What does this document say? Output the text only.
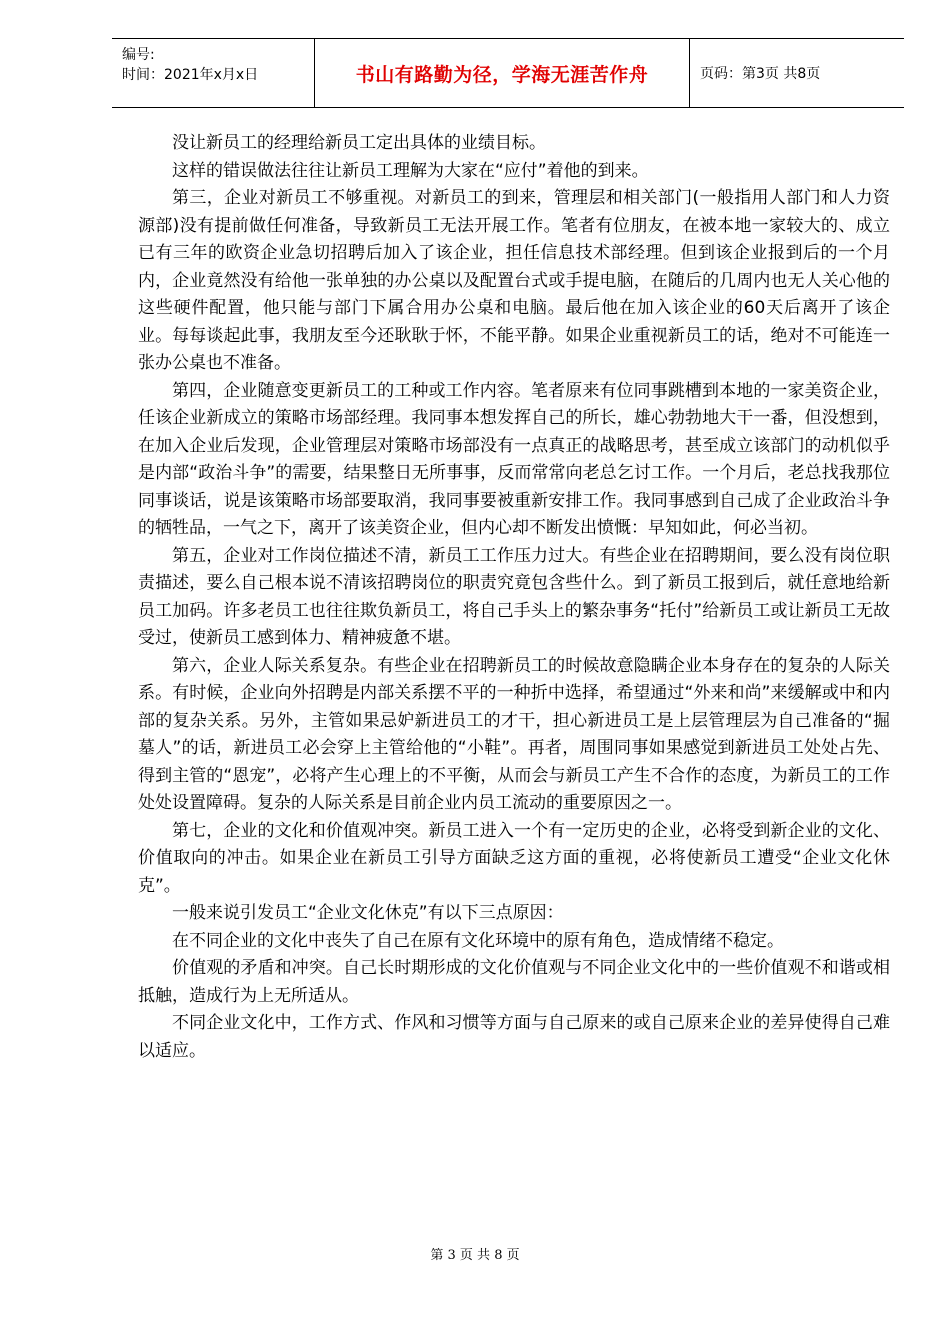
编号:
时间：2021年x月x日	书山有路勤为径，学海无涯苦作舟	页码：第3页 共8页

没让新员工的经理给新员工定出具体的业绩目标。

这样的错误做法往往让新员工理解为大家在“应付”着他的到来。

第三，企业对新员工不够重视。对新员工的到来，管理层和相关部门(一般指用人部门和人力资源部)没有提前做任何准备，导致新员工无法开展工作。笔者有位朋友，在被本地一家较大的、成立已有三年的欧资企业急切招聘后加入了该企业，担任信息技术部经理。但到该企业报到后的一个月内，企业竟然没有给他一张单独的办公桌以及配置台式或手提电脑，在随后的几周内也无人关心他的这些硬件配置，他只能与部门下属合用办公桌和电脑。最后他在加入该企业的60天后离开了该企业。每每谈起此事，我朋友至今还耿耿于怀，不能平静。如果企业重视新员工的话，绝对不可能连一张办公桌也不准备。

第四，企业随意变更新员工的工种或工作内容。笔者原来有位同事跳槽到本地的一家美资企业，任该企业新成立的策略市场部经理。我同事本想发挥自己的所长，雄心勃勃地大干一番，但没想到，在加入企业后发现，企业管理层对策略市场部没有一点真正的战略思考，甚至成立该部门的动机似乎是内部“政治斗争”的需要，结果整日无所事事，反而常常向老总乞讨工作。一个月后，老总找我那位同事谈话，说是该策略市场部要取消，我同事要被重新安排工作。我同事感到自己成了企业政治斗争的牺牲品，一气之下，离开了该美资企业，但内心却不断发出愤慨：早知如此，何必当初。

第五，企业对工作岗位描述不清，新员工工作压力过大。有些企业在招聘期间，要么没有岗位职责描述，要么自己根本说不清该招聘岗位的职责究竟包含些什么。到了新员工报到后，就任意地给新员工加码。许多老员工也往往欺负新员工，将自己手头上的繁杂事务“托付”给新员工或让新员工无故受过，使新员工感到体力、精神疲惫不堪。

第六，企业人际关系复杂。有些企业在招聘新员工的时候故意隐瞒企业本身存在的复杂的人际关系。有时候，企业向外招聘是内部关系摆不平的一种折中选择，希望通过“外来和尚”来缓解或中和内部的复杂关系。另外，主管如果忌妒新进员工的才干，担心新进员工是上层管理层为自己准备的“掘墓人”的话，新进员工必会穿上主管给他的“小鞋”。再者，周围同事如果感觉到新进员工处处占先、得到主管的“恩宠”，必将产生心理上的不平衡，从而会与新员工产生不合作的态度，为新员工的工作处处设置障碍。复杂的人际关系是目前企业内员工流动的重要原因之一。

第七，企业的文化和价值观冲突。新员工进入一个有一定历史的企业，必将受到新企业的文化、价值取向的冲击。如果企业在新员工引导方面缺乏这方面的重视，必将使新员工遭受“企业文化休克”。

一般来说引发员工“企业文化休克”有以下三点原因：

在不同企业的文化中丧失了自己在原有文化环境中的原有角色，造成情绪不稳定。

价值观的矛盾和冲突。自己长时期形成的文化价值观与不同企业文化中的一些价值观不和谐或相抵触，造成行为上无所适从。

不同企业文化中，工作方式、作风和习惯等方面与自己原来的或自己原来企业的差异使得自己难以适应。

第 3 页 共 8 页
